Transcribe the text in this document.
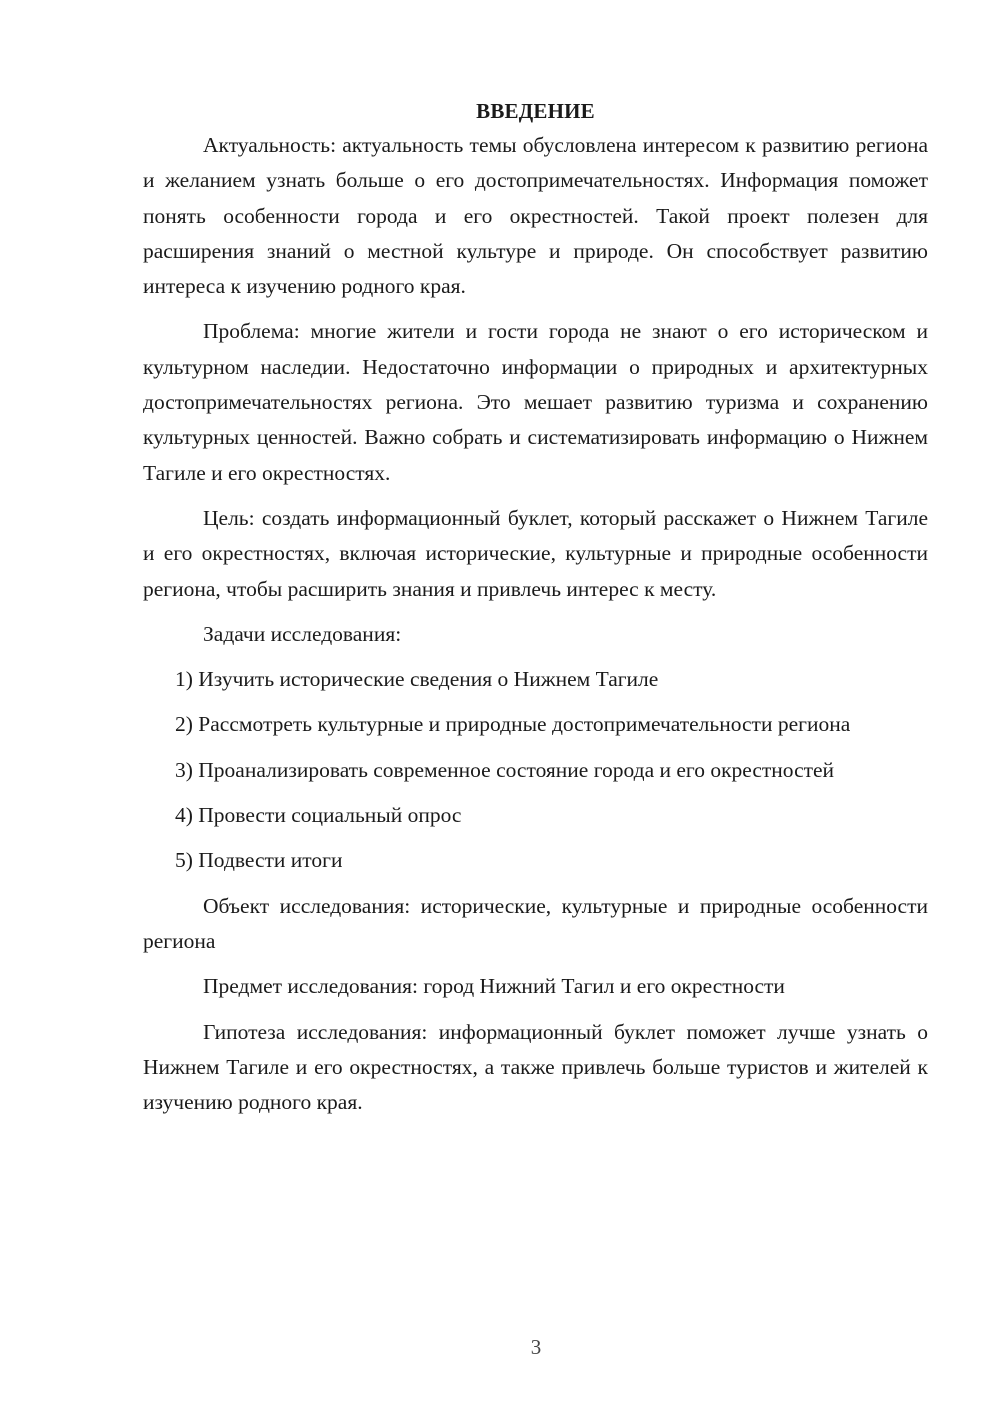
ВВЕДЕНИЕ

Актуальность: актуальность темы обусловлена интересом к развитию региона и желанием узнать больше о его достопримечательностях. Информация поможет понять особенности города и его окрестностей. Такой проект полезен для расширения знаний о местной культуре и природе. Он способствует развитию интереса к изучению родного края.

Проблема: многие жители и гости города не знают о его историческом и культурном наследии. Недостаточно информации о природных и архитектурных достопримечательностях региона. Это мешает развитию туризма и сохранению культурных ценностей. Важно собрать и систематизировать информацию о Нижнем Тагиле и его окрестностях.

Цель: создать информационный буклет, который расскажет о Нижнем Тагиле и его окрестностях, включая исторические, культурные и природные особенности региона, чтобы расширить знания и привлечь интерес к месту.

Задачи исследования:

1) Изучить исторические сведения о Нижнем Тагиле

2) Рассмотреть культурные и природные достопримечательности региона

3) Проанализировать современное состояние города и его окрестностей

4) Провести социальный опрос

5) Подвести итоги

Объект исследования: исторические, культурные и природные особенности региона

Предмет исследования: город Нижний Тагил и его окрестности

Гипотеза исследования: информационный буклет поможет лучше узнать о Нижнем Тагиле и его окрестностях, а также привлечь больше туристов и жителей к изучению родного края.

3
